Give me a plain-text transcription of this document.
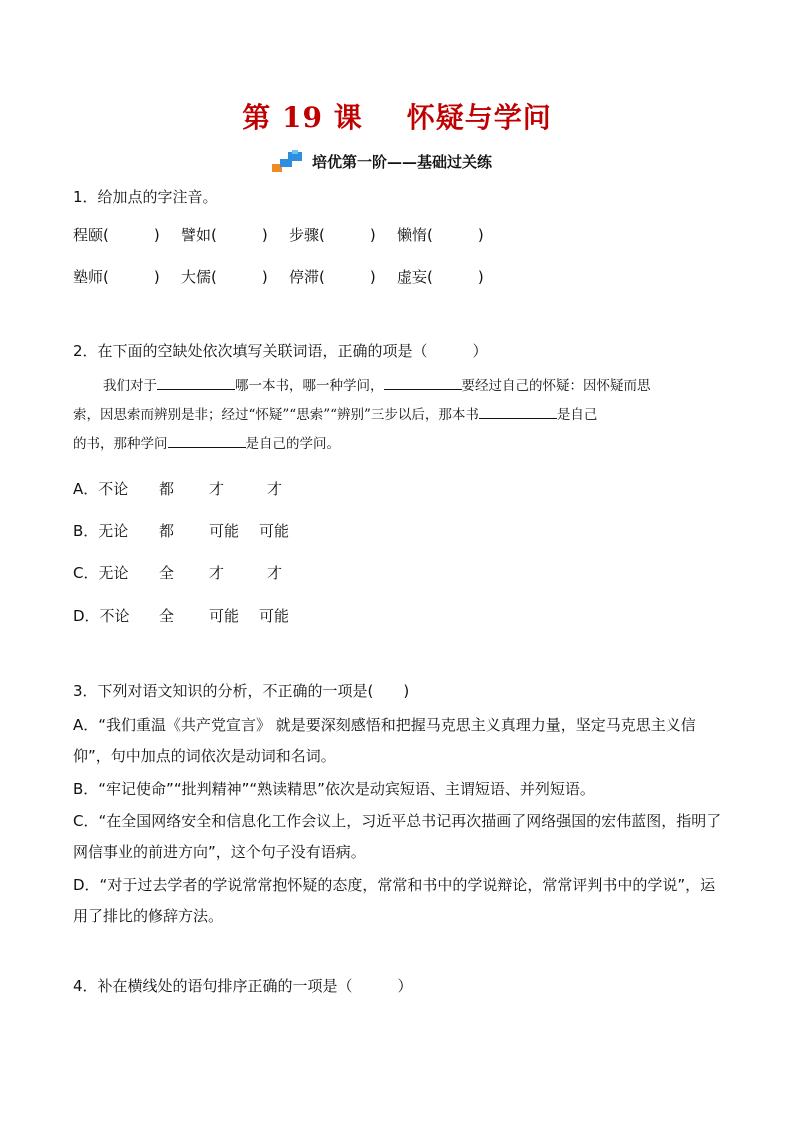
第 19 课 怀疑与学问
培优第一阶——基础过关练
1．给加点的字注音。
程颐(　　　)	譬如(　　　)	步骤(　　　)	懒惰(　　　)
塾师(　　　)	大儒(　　　)	停滞(　　　)	虚妄(　　　)
2．在下面的空缺处依次填写关联词语，正确的项是（　　　）
我们对于	哪一本书，哪一种学问，	要经过自己的怀疑：因怀疑而思
索，因思索而辨别是非；经过“怀疑”“思索”“辨别”三步以后，那本书	是自己
的书，那种学问	是自己的学问。
A．不论 都 才	才
B．无论 都 可能 可能
C．无论 全 才	才
D．不论 全 可能 可能
3．下列对语文知识的分析，不正确的一项是(　　)
A．“我们重温《共产党宣言》 就是要深刻感悟和把握马克思主义真理力量，坚定马克思主义信仰”，句中加点的词依次是动词和名词。
B．“牢记使命”“批判精神”“熟读精思”依次是动宾短语、主谓短语、并列短语。
C．“在全国网络安全和信息化工作会议上，习近平总书记再次描画了网络强国的宏伟蓝图，指明了网信事业的前进方向”，这个句子没有语病。
D．“对于过去学者的学说常常抱怀疑的态度，常常和书中的学说辩论，常常评判书中的学说”，运用了排比的修辞方法。
4．补在横线处的语句排序正确的一项是（　　　）
